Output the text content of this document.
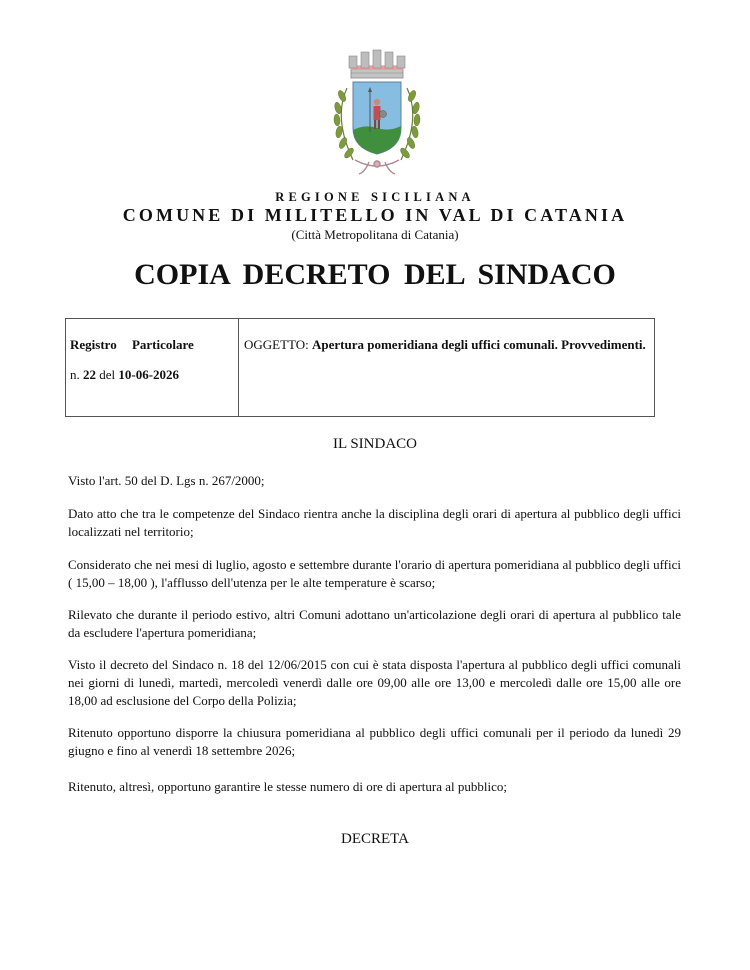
REGIONE SICILIANA
COMUNE DI MILITELLO IN VAL DI CATANIA
(Città Metropolitana di Catania)
COPIA DECRETO DEL SINDACO
Registro Particolare
n. 22 del 10-06-2026
OGGETTO: Apertura pomeridiana degli uffici comunali. Provvedimenti.
IL SINDACO
Visto l'art. 50 del D. Lgs n. 267/2000;
Dato atto che tra le competenze del Sindaco rientra anche la disciplina degli orari di apertura al pubblico degli uffici localizzati nel territorio;
Considerato che nei mesi di luglio, agosto e settembre durante l'orario di apertura pomeridiana al pubblico degli uffici ( 15,00 – 18,00 ), l'afflusso dell'utenza per le alte temperature è scarso;
Rilevato che durante il periodo estivo, altri Comuni adottano un'articolazione degli orari di apertura al pubblico tale da escludere l'apertura pomeridiana;
Visto il decreto del Sindaco n. 18 del 12/06/2015 con cui è stata disposta l'apertura al pubblico degli uffici comunali nei giorni di lunedì, martedì, mercoledì venerdì dalle ore 09,00 alle ore 13,00 e mercoledì dalle ore 15,00 alle ore 18,00 ad esclusione del Corpo della Polizia;
Ritenuto opportuno disporre la chiusura pomeridiana al pubblico degli uffici comunali per il periodo da lunedì 29 giugno e fino al venerdì 18 settembre 2026;
Ritenuto, altresì, opportuno garantire le stesse numero di ore di apertura al pubblico;
DECRETA
